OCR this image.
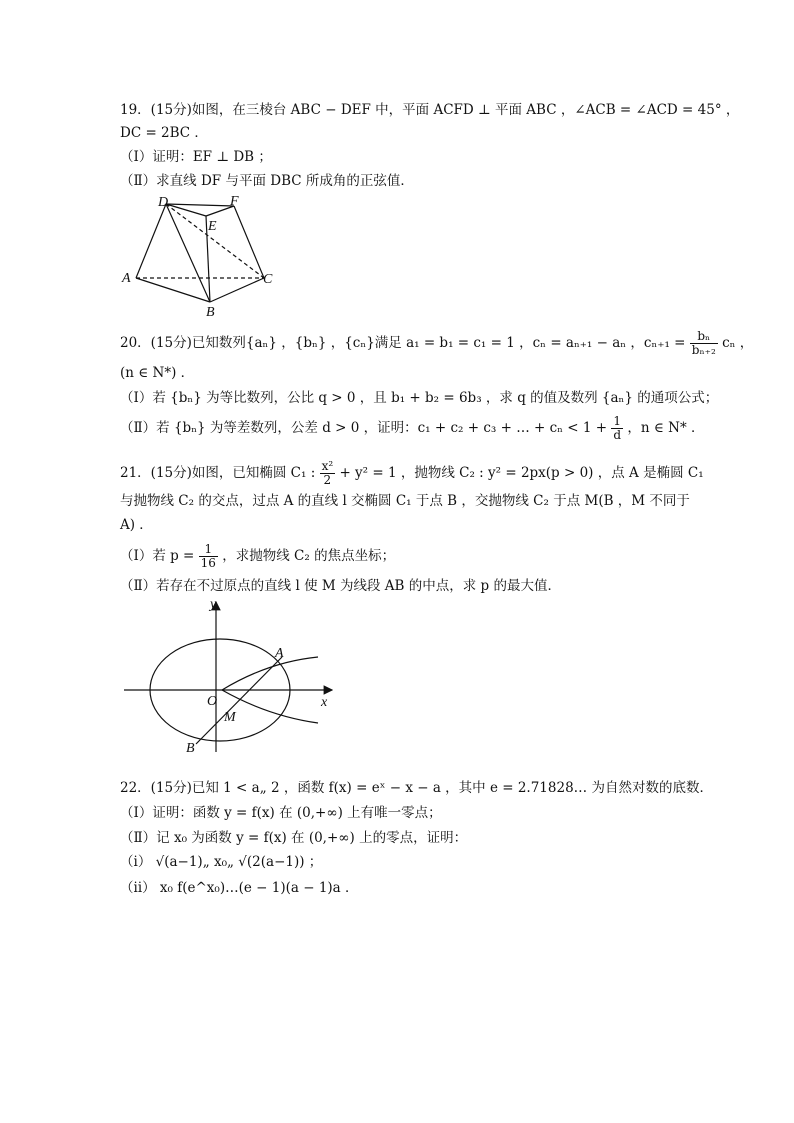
19．(15分)如图，在三棱台 ABC − DEF 中，平面 ACFD ⊥ 平面 ABC ，∠ACB = ∠ACD = 45° ，
DC = 2BC ．
（Ⅰ）证明：EF ⊥ DB ；
（Ⅱ）求直线 DF 与平面 DBC 所成角的正弦值．
D	F
E
A	C
B
20．(15分)已知数列{aₙ} ，{bₙ} ，{cₙ}满足 a₁ = b₁ = c₁ = 1 ，cₙ = aₙ₊₁ − aₙ ，$c_{n+1} = \frac{\text{bₙ}}{\text{bₙ₊₂}}$ cₙ ，
(n ∈ N*) ．
（Ⅰ）若 {bₙ} 为等比数列，公比 q > 0 ，且 b₁ + b₂ = 6b₃ ，求 q 的值及数列 {aₙ} 的通项公式；
（Ⅱ）若 {bₙ} 为等差数列，公差 d > 0 ，证明：c₁ + c₂ + c₃ + … + $c_n < 1 + \frac{1}{d}$ ，n ∈ N* ．
21．(15分)如图，已知椭圆 C₁ : $\frac{\text{x²}}{2} + y^2 = 1$ ，抛物线 C₂ : y² = 2px(p > 0) ，点 A 是椭圆 C₁
与抛物线 C₂ 的交点，过点 A 的直线 l 交椭圆 C₁ 于点 B ，交抛物线 C₂ 于点 M(B ，M 不同于
A) ．
（Ⅰ）若 $p = \frac{1}{16}$ ，求抛物线 C₂ 的焦点坐标；
（Ⅱ）若存在不过原点的直线 l 使 M 为线段 AB 的中点，求 p 的最大值．
y
x
O
A
M
B
22．(15分)已知 1 < a„ 2 ，函数 f(x) = eˣ − x − a ，其中 e = 2.71828… 为自然对数的底数．
（Ⅰ）证明：函数 y = f(x) 在 (0,+∞) 上有唯一零点；
（Ⅱ）记 x₀ 为函数 y = f(x) 在 (0,+∞) 上的零点，证明：
（ⅰ） √(a−1)„ x₀„ √(2(a−1)) ；
（ⅱ） x₀ f(e^x₀)…(e − 1)(a − 1)a ．
